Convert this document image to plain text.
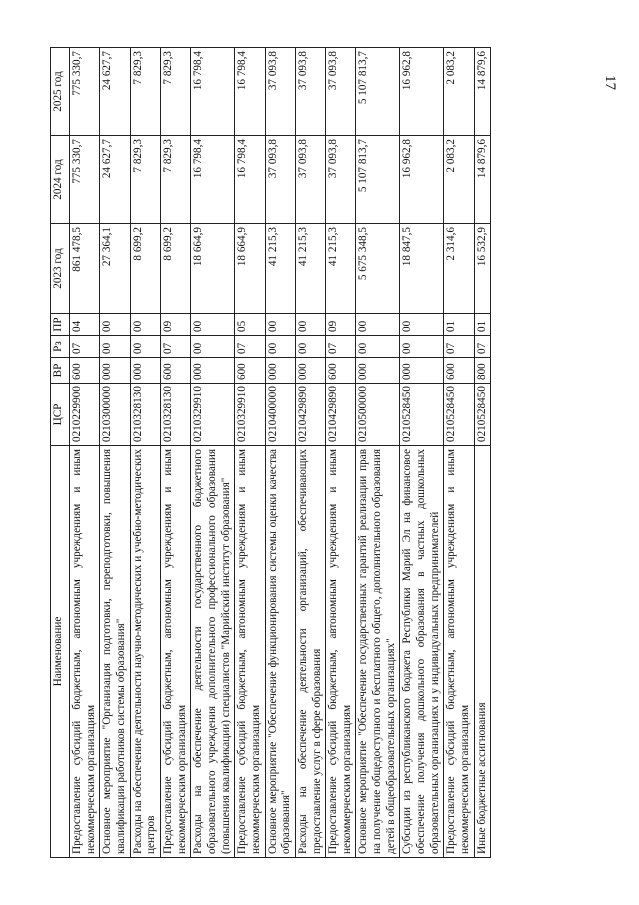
17
Наименование	ЦСР	ВР	Рз	ПР	2023 год	2024 год	2025 год
Предоставление субсидий бюджетным, автономным учреждениям и иным некоммерческим организациям	0210229900	600	07	04	861 478,5	775 330,7	775 330,7
Основное мероприятие "Организация подготовки, переподготовки, повышения квалификации работников системы образования"	0210300000	000	00	00	27 364,1	24 627,7	24 627,7
Расходы на обеспечение деятельности научно-методических и учебно-методических центров	0210328130	000	00	00	8 699,2	7 829,3	7 829,3
Предоставление субсидий бюджетным, автономным учреждениям и иным некоммерческим организациям	0210328130	600	07	09	8 699,2	7 829,3	7 829,3
Расходы на обеспечение деятельности государственного бюджетного образовательного учреждения дополнительного профессионального образования (повышения квалификации) специалистов "Марийский институт образования"	0210329910	000	00	00	18 664,9	16 798,4	16 798,4
Предоставление субсидий бюджетным, автономным учреждениям и иным некоммерческим организациям	0210329910	600	07	05	18 664,9	16 798,4	16 798,4
Основное мероприятие "Обеспечение функционирования системы оценки качества образования"	0210400000	000	00	00	41 215,3	37 093,8	37 093,8
Расходы на обеспечение деятельности организаций, обеспечивающих предоставление услуг в сфере образования	0210429890	000	00	00	41 215,3	37 093,8	37 093,8
Предоставление субсидий бюджетным, автономным учреждениям и иным некоммерческим организациям	0210429890	600	07	09	41 215,3	37 093,8	37 093,8
Основное мероприятие "Обеспечение государственных гарантий реализации прав на получение общедоступного и бесплатного общего, дополнительного образования детей в общеобразовательных организациях"	0210500000	000	00	00	5 675 348,5	5 107 813,7	5 107 813,7
Субсидии из республиканского бюджета Республики Марий Эл на финансовое обеспечение получения дошкольного образования в частных дошкольных образовательных организациях и у индивидуальных предпринимателей	0210528450	000	00	00	18 847,5	16 962,8	16 962,8
Предоставление субсидий бюджетным, автономным учреждениям и иным некоммерческим организациям	0210528450	600	07	01	2 314,6	2 083,2	2 083,2
Иные бюджетные ассигнования	0210528450	800	07	01	16 532,9	14 879,6	14 879,6
